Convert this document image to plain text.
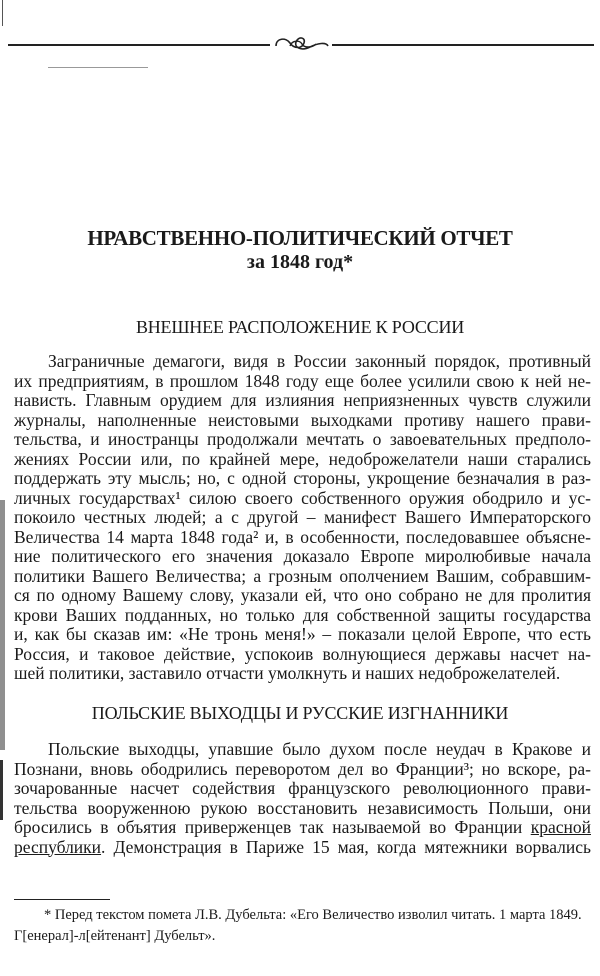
НРАВСТВЕННО-ПОЛИТИЧЕСКИЙ ОТЧЕТ
за 1848 год*
ВНЕШНЕЕ РАСПОЛОЖЕНИЕ К РОССИИ
Заграничные демагоги, видя в России законный порядок, противный
их предприятиям, в прошлом 1848 году еще более усилили свою к ней не-
нависть. Главным орудием для излияния неприязненных чувств служили
журналы, наполненные неистовыми выходками противу нашего прави-
тельства, и иностранцы продолжали мечтать о завоевательных предполо-
жениях России или, по крайней мере, недоброжелатели наши старались
поддержать эту мысль; но, с одной стороны, укрощение безначалия в раз-
личных государствах¹ силою своего собственного оружия ободрило и ус-
покоило честных людей; а с другой – манифест Вашего Императорского
Величества 14 марта 1848 года² и, в особенности, последовавшее объясне-
ние политического его значения доказало Европе миролюбивые начала
политики Вашего Величества; а грозным ополчением Вашим, собравшим-
ся по одному Вашему слову, указали ей, что оно собрано не для пролития
крови Ваших подданных, но только для собственной защиты государства
и, как бы сказав им: «Не тронь меня!» – показали целой Европе, что есть
Россия, и таковое действие, успокоив волнующиеся державы насчет на-
шей политики, заставило отчасти умолкнуть и наших недоброжелателей.
ПОЛЬСКИЕ ВЫХОДЦЫ И РУССКИЕ ИЗГНАННИКИ
Польские выходцы, упавшие было духом после неудач в Кракове и
Познани, вновь ободрились переворотом дел во Франции³; но вскоре, ра-
зочарованные насчет содействия французского революционного прави-
тельства вооруженною рукою восстановить независимость Польши, они
бросились в объятия приверженцев так называемой во Франции красной
республики. Демонстрация в Париже 15 мая, когда мятежники ворвались
* Перед текстом помета Л.В. Дубельта: «Его Величество изволил читать. 1 марта 1849.
Г[енерал]-л[ейтенант] Дубельт».
